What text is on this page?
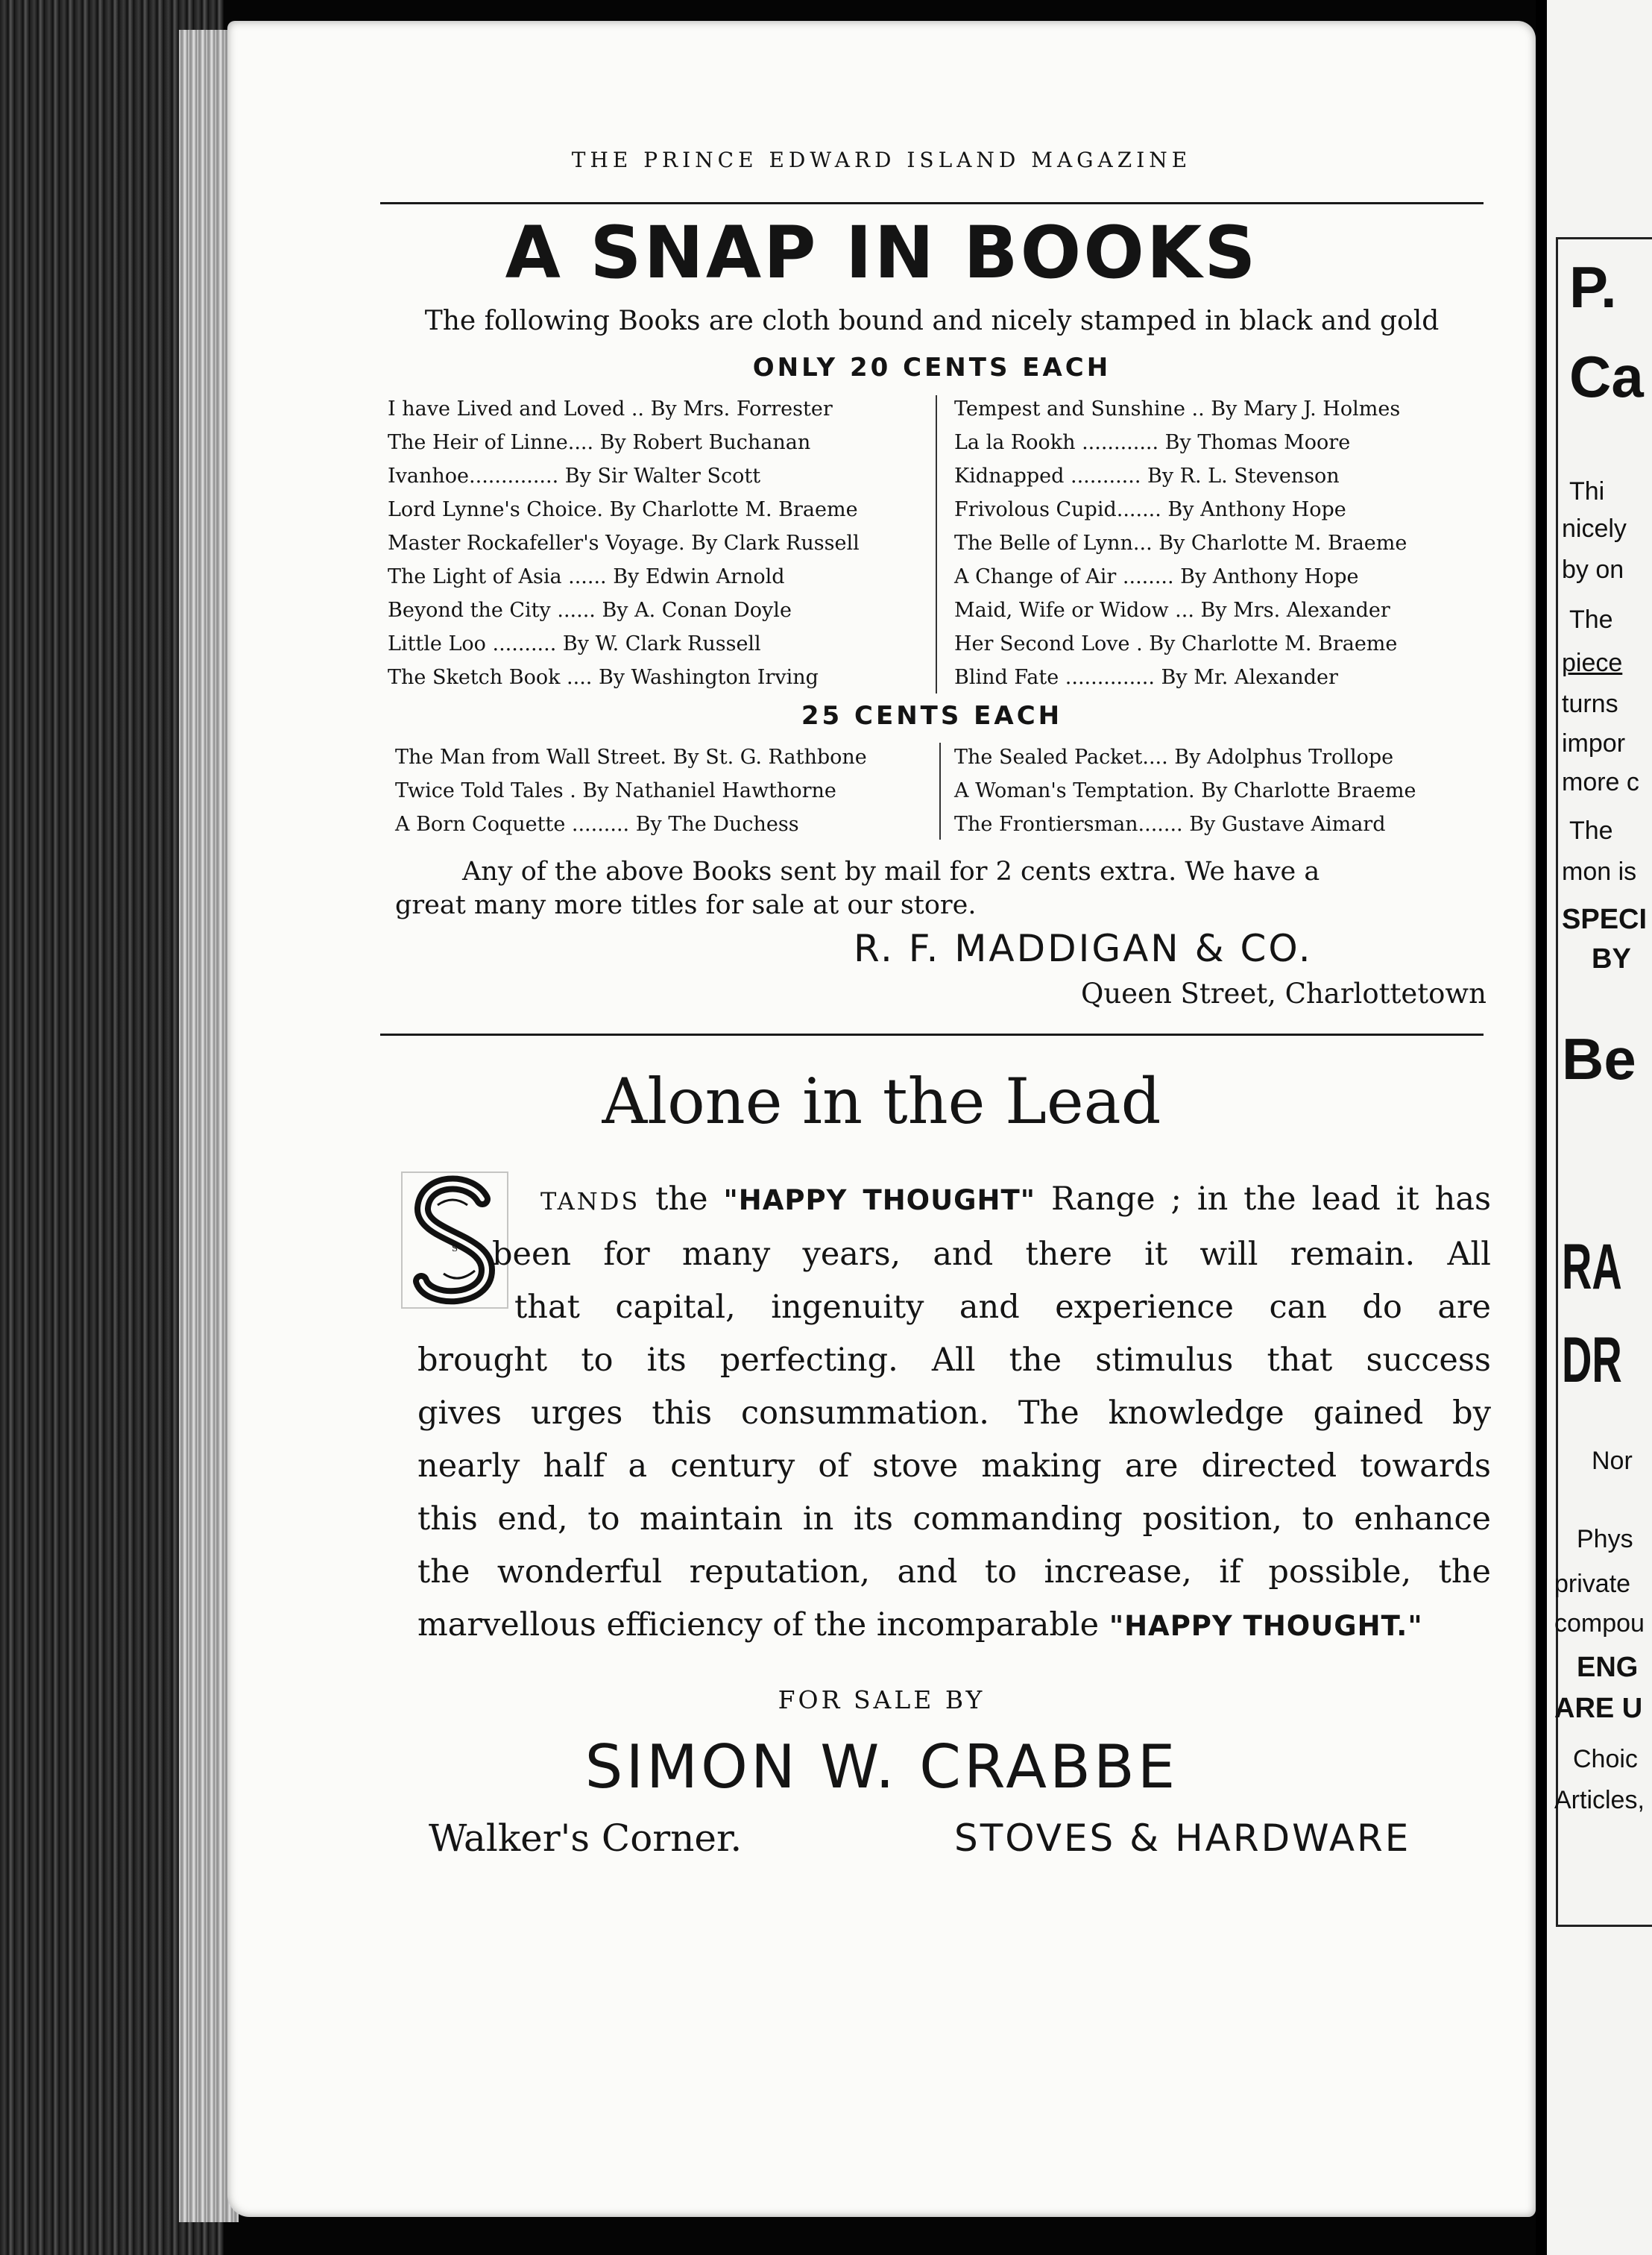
THE PRINCE EDWARD ISLAND MAGAZINE

A SNAP IN BOOKS

The following Books are cloth bound and nicely stamped in black and gold

ONLY 20 CENTS EACH

I have Lived and Loved .. By Mrs. Forrester
The Heir of Linne.... By Robert Buchanan
Ivanhoe.............. By Sir Walter Scott
Lord Lynne's Choice. By Charlotte M. Braeme
Master Rockafeller's Voyage. By Clark Russell
The Light of Asia ...... By Edwin Arnold
Beyond the City ...... By A. Conan Doyle
Little Loo .......... By W. Clark Russell
The Sketch Book .... By Washington Irving
Tempest and Sunshine .. By Mary J. Holmes
La la Rookh ............ By Thomas Moore
Kidnapped ........... By R. L. Stevenson
Frivolous Cupid....... By Anthony Hope
The Belle of Lynn... By Charlotte M. Braeme
A Change of Air ........ By Anthony Hope
Maid, Wife or Widow ... By Mrs. Alexander
Her Second Love . By Charlotte M. Braeme
Blind Fate .............. By Mr. Alexander

25 CENTS EACH

The Man from Wall Street. By St. G. Rathbone
Twice Told Tales . By Nathaniel Hawthorne
A Born Coquette ......... By The Duchess
The Sealed Packet.... By Adolphus Trollope
A Woman's Temptation. By Charlotte Braeme
The Frontiersman....... By Gustave Aimard

Any of the above Books sent by mail for 2 cents extra. We have a

great many more titles for sale at our store.

R. F. MADDIGAN & CO.

Queen Street, Charlottetown

Alone in the Lead

S
TANDS the "HAPPY THOUGHT" Range ; in the lead it has
been for many years, and there it will remain. All
that capital, ingenuity and experience can do are
brought to its perfecting. All the stimulus that success
gives urges this consummation. The knowledge gained by
nearly half a century of stove making are directed towards
this end, to maintain in its commanding position, to enhance
the wonderful reputation, and to increase, if possible, the
marvellous efficiency of the incomparable "HAPPY THOUGHT."

FOR SALE BY

SIMON W. CRABBE

Walker's Corner.	STOVES & HARDWARE

P.
Ca
Thi
nicely
by on
The
piece
turns
impor
more c
The
mon is
SPECI
BY
Be
RA
DR
Nor
Phys
private
compou
ENG
ARE U
Choic
Articles,
